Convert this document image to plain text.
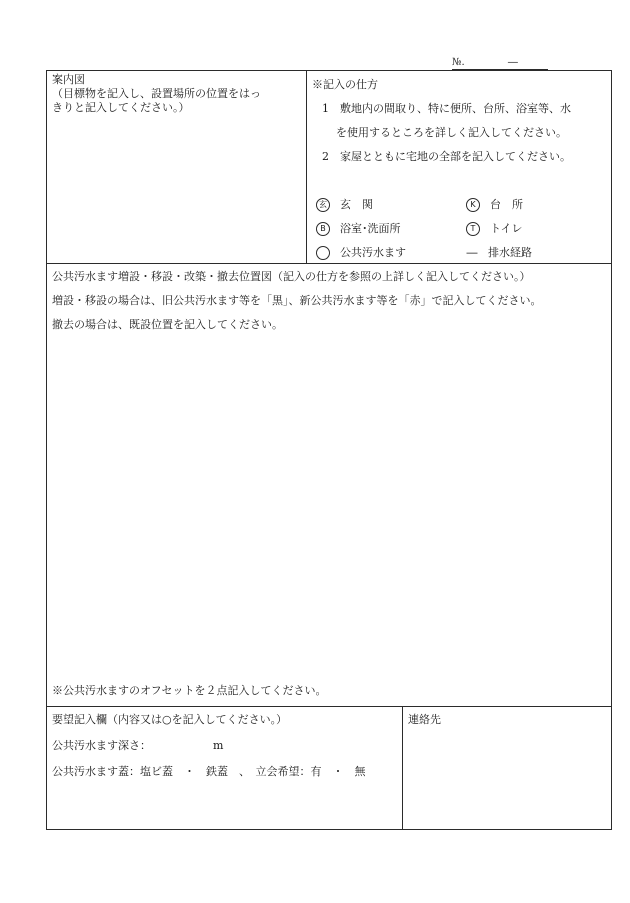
№.	―
案内図
（目標物を記入し、設置場所の位置をはっ
きりと記入してください。）
※記入の仕方
1　敷地内の間取り、特に便所、台所、浴室等、水
を使用するところを詳しく記入してください。
2　家屋とともに宅地の全部を記入してください。
玄 玄　関	K 台　所
B 浴室･洗面所	T トイレ
公共汚水ます	― 排水経路
公共汚水ます増設・移設・改築・撤去位置図（記入の仕方を参照の上詳しく記入してください。）
増設・移設の場合は、旧公共汚水ます等を「黒」、新公共汚水ます等を「赤」で記入してください。
撤去の場合は、既設位置を記入してください。
※公共汚水ますのオフセットを２点記入してください。
要望記入欄（内容又は○を記入してください。）
公共汚水ます深さ：	m
公共汚水ます蓋：塩ビ蓋　・　鉄蓋　、　立会希望：有　・　無
連絡先
